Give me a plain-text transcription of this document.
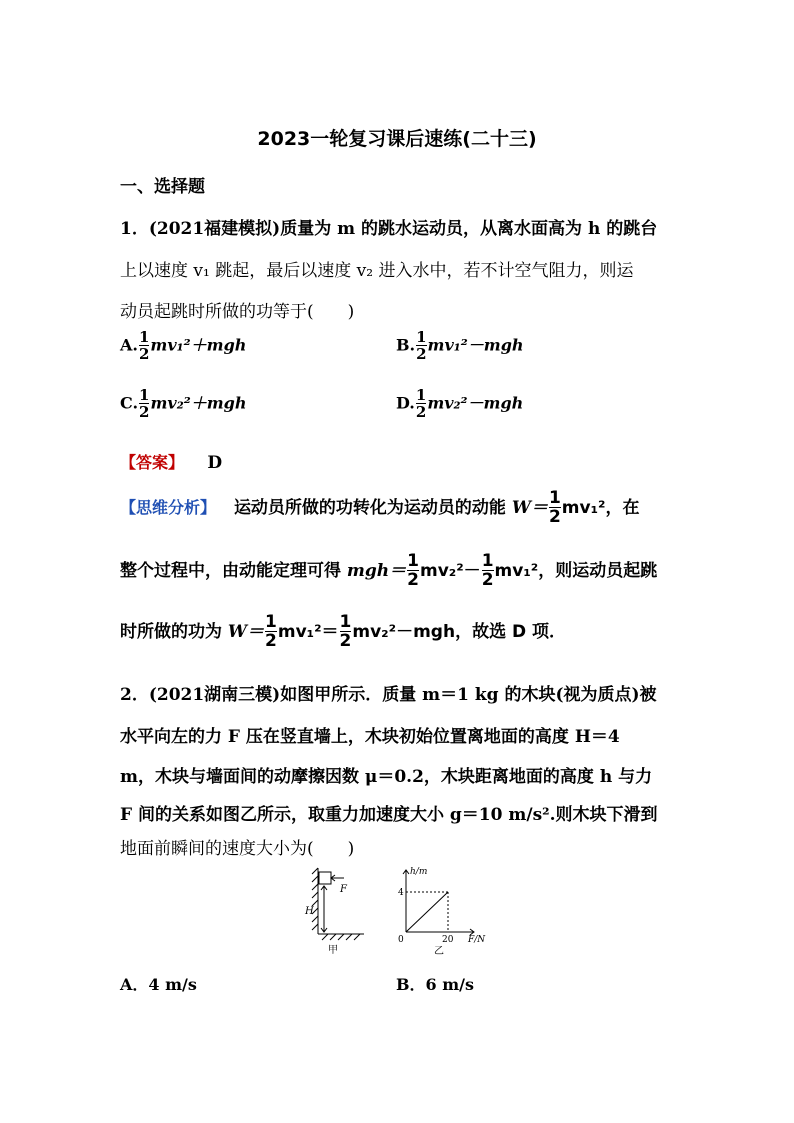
2023一轮复习课后速练(二十三)
一、选择题
1．(2021福建模拟)质量为 m 的跳水运动员，从离水面高为 h 的跳台
上以速度 v₁ 跳起，最后以速度 v₂ 进入水中，若不计空气阻力，则运
动员起跳时所做的功等于(　　)
A. $\frac{1}{2} mv_1^2+mgh$	B. $\frac{1}{2} mv_1^2-mgh$
C. $\frac{1}{2} mv_2^2+mgh$	D. $\frac{1}{2} mv_2^2-mgh$
【答案】 D
【思维分析】 运动员所做的功转化为运动员的动能 $W= \frac{1}{2} mv_1^2$，在
整个过程中，由动能定理可得 $mgh= \frac{1}{2} mv_2^2- \frac{1}{2} mv_1^2$，则运动员起跳
时所做的功为 $W= \frac{1}{2} mv_1^2= \frac{1}{2} mv_2^2-mgh$，故选 D 项．
2．(2021湖南三模)如图甲所示．质量 m＝1 kg 的木块(视为质点)被
水平向左的力 F 压在竖直墙上，木块初始位置离地面的高度 H＝4
m，木块与墙面间的动摩擦因数 μ＝0.2，木块距离地面的高度 h 与力
F 间的关系如图乙所示，取重力加速度大小 g＝10 m/s².则木块下滑到
地面前瞬间的速度大小为(　　)
F
H
甲
h/m
4
0	20 F/N
乙
A．4 m/s	B．6 m/s
